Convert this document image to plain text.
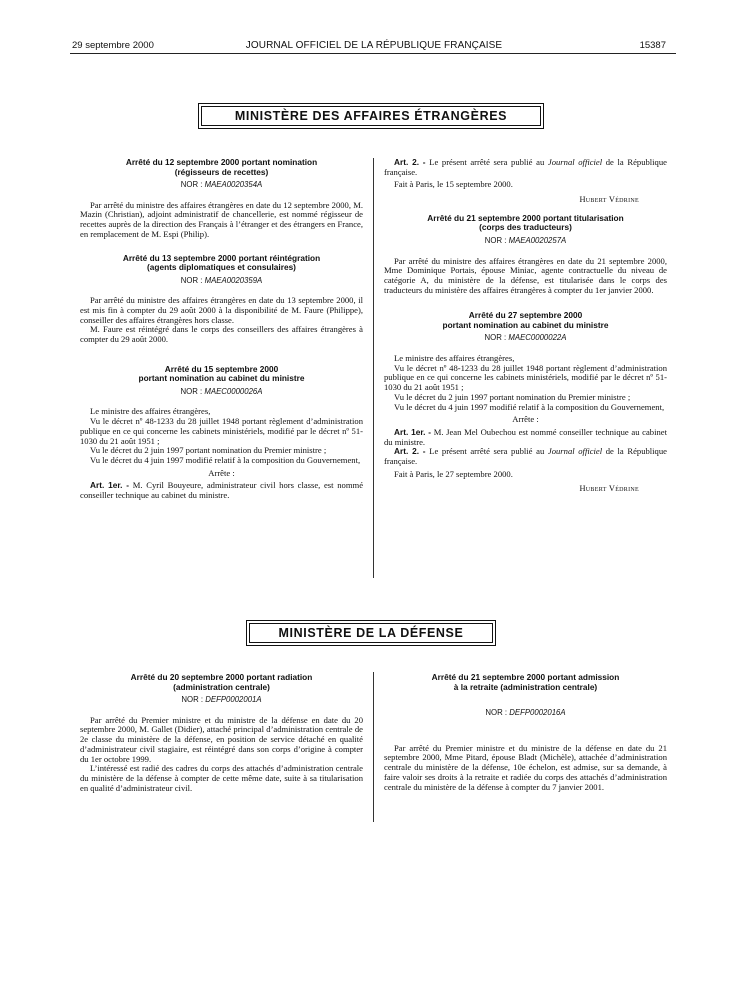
29 septembre 2000	JOURNAL OFFICIEL DE LA RÉPUBLIQUE FRANÇAISE	15387
MINISTÈRE DES AFFAIRES ÉTRANGÈRES
Arrêté du 12 septembre 2000 portant nomination
(régisseurs de recettes)
NOR : MAEA0020354A

Par arrêté du ministre des affaires étrangères en date du 12 septembre 2000, M. Mazin (Christian), adjoint administratif de chancellerie, est nommé régisseur de recettes auprès de la direction des Français à l’étranger et des étrangers en France, en remplacement de M. Espi (Philip).

Arrêté du 13 septembre 2000 portant réintégration
(agents diplomatiques et consulaires)
NOR : MAEA0020359A

Par arrêté du ministre des affaires étrangères en date du 13 septembre 2000, il est mis fin à compter du 29 août 2000 à la disponibilité de M. Faure (Philippe), conseiller des affaires étrangères hors classe.

M. Faure est réintégré dans le corps des conseillers des affaires étrangères à compter du 29 août 2000.

Arrêté du 15 septembre 2000
portant nomination au cabinet du ministre
NOR : MAEC0000026A

Le ministre des affaires étrangères,

Vu le décret nº 48-1233 du 28 juillet 1948 portant règlement d’administration publique en ce qui concerne les cabinets ministériels, modifié par le décret nº 51-1030 du 21 août 1951 ;

Vu le décret du 2 juin 1997 portant nomination du Premier ministre ;

Vu le décret du 4 juin 1997 modifié relatif à la composition du Gouvernement,

Arrête :

Art. 1er. - M. Cyril Bouyeure, administrateur civil hors classe, est nommé conseiller technique au cabinet du ministre.

Art. 2. - Le présent arrêté sera publié au Journal officiel de la République française.

Fait à Paris, le 15 septembre 2000.

Hubert Védrine
Arrêté du 21 septembre 2000 portant titularisation
(corps des traducteurs)
NOR : MAEA0020257A

Par arrêté du ministre des affaires étrangères en date du 21 septembre 2000, Mme Dominique Portais, épouse Miniac, agente contractuelle du niveau de catégorie A, du ministère de la défense, est titularisée dans le corps des traducteurs du ministère des affaires étrangères à compter du 1er janvier 2000.

Arrêté du 27 septembre 2000
portant nomination au cabinet du ministre
NOR : MAEC0000022A

Le ministre des affaires étrangères,

Vu le décret nº 48-1233 du 28 juillet 1948 portant règlement d’administration publique en ce qui concerne les cabinets ministériels, modifié par le décret nº 51-1030 du 21 août 1951 ;

Vu le décret du 2 juin 1997 portant nomination du Premier ministre ;

Vu le décret du 4 juin 1997 modifié relatif à la composition du Gouvernement,

Arrête :

Art. 1er. - M. Jean Mel Oubechou est nommé conseiller technique au cabinet du ministre.

Art. 2. - Le présent arrêté sera publié au Journal officiel de la République française.

Fait à Paris, le 27 septembre 2000.

Hubert Védrine
MINISTÈRE DE LA DÉFENSE
Arrêté du 20 septembre 2000 portant radiation
(administration centrale)
NOR : DEFP0002001A

Par arrêté du Premier ministre et du ministre de la défense en date du 20 septembre 2000, M. Gallet (Didier), attaché principal d’administration centrale de 2e classe du ministère de la défense, en position de service détaché en qualité d’administrateur civil stagiaire, est réintégré dans son corps d’origine à compter du 1er octobre 1999.

L’intéressé est radié des cadres du corps des attachés d’administration centrale du ministère de la défense à compter de cette même date, suite à sa titularisation en qualité d’administrateur civil.

Arrêté du 21 septembre 2000 portant admission
à la retraite (administration centrale)
NOR : DEFP0002016A

Par arrêté du Premier ministre et du ministre de la défense en date du 21 septembre 2000, Mme Pitard, épouse Bladt (Michèle), attachée d’administration centrale du ministère de la défense, 10e échelon, est admise, sur sa demande, à faire valoir ses droits à la retraite et radiée du corps des attachés d’administration centrale du ministère de la défense à compter du 7 janvier 2001.
